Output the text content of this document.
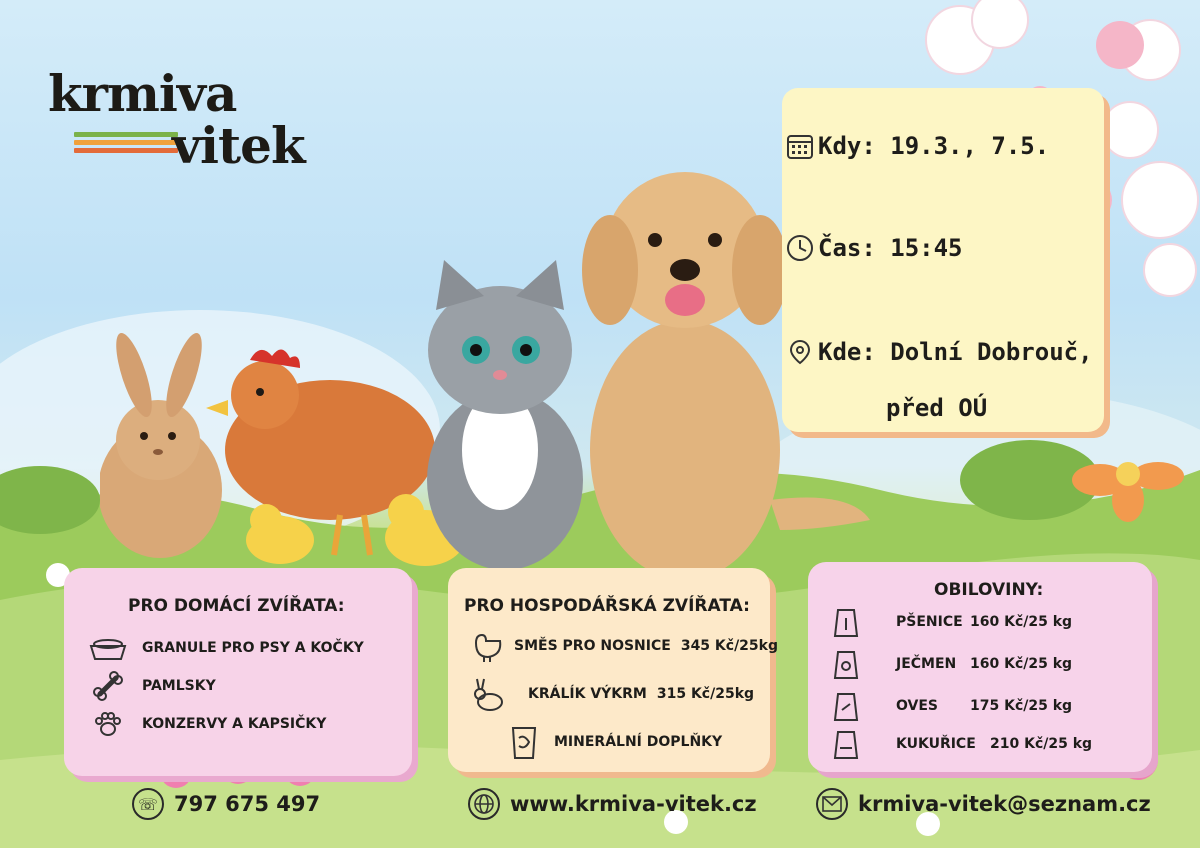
krmiva
vitek	Kdy: 19.3., 7.5.
Čas: 15:45
Kde: Dolní Dobrouč,
před OÚ
PRO DOMÁCÍ ZVÍŘATA:
GRANULE PRO PSY A KOČKY
PAMLSKY
KONZERVY A KAPSIČKY
PRO HOSPODÁŘSKÁ ZVÍŘATA:
SMĚS PRO NOSNICE 345 Kč/25kg
KRÁLÍK VÝKRM 315 Kč/25kg
MINERÁLNÍ DOPLŇKY
OBILOVINY:
PŠENICE 160 Kč/25 kg
JEČMEN 160 Kč/25 kg
OVES	175 Kč/25 kg
KUKUŘICE	210 Kč/25 kg
☏ 797 675 497	www.krmiva-vitek.cz	krmiva-vitek@seznam.cz
